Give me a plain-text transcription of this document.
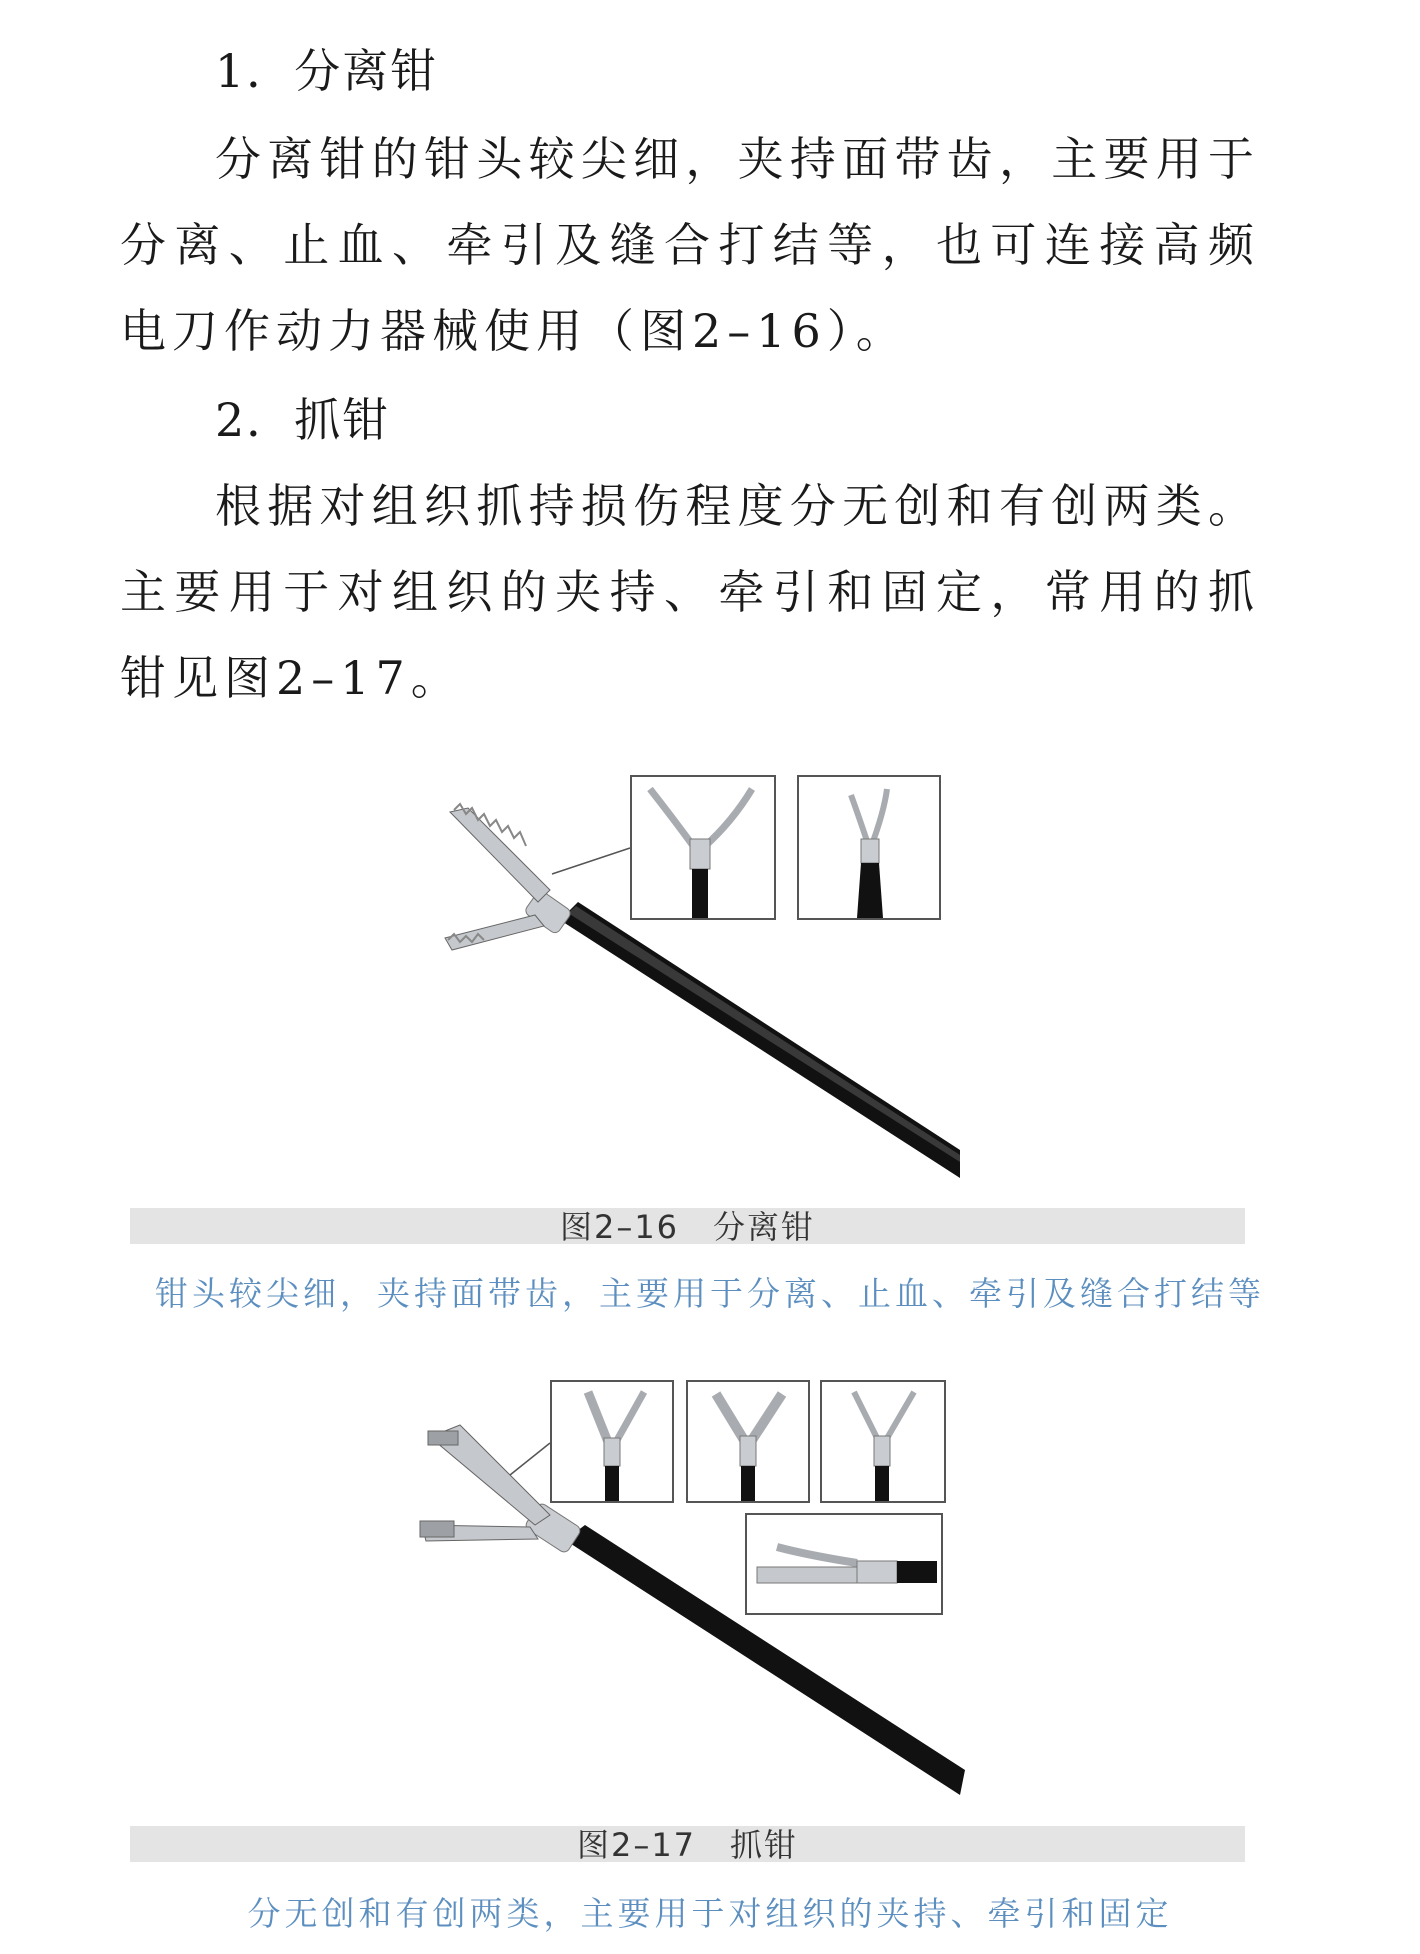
1．分离钳

分离钳的钳头较尖细，夹持面带齿，主要用于分离、止血、牵引及缝合打结等，也可连接高频电刀作动力器械使用（图2–16）。

2．抓钳

根据对组织抓持损伤程度分无创和有创两类。主要用于对组织的夹持、牵引和固定，常用的抓钳见图2–17。

图2–16　分离钳
钳头较尖细，夹持面带齿，主要用于分离、止血、牵引及缝合打结等
图2–17　抓钳
分无创和有创两类，主要用于对组织的夹持、牵引和固定
